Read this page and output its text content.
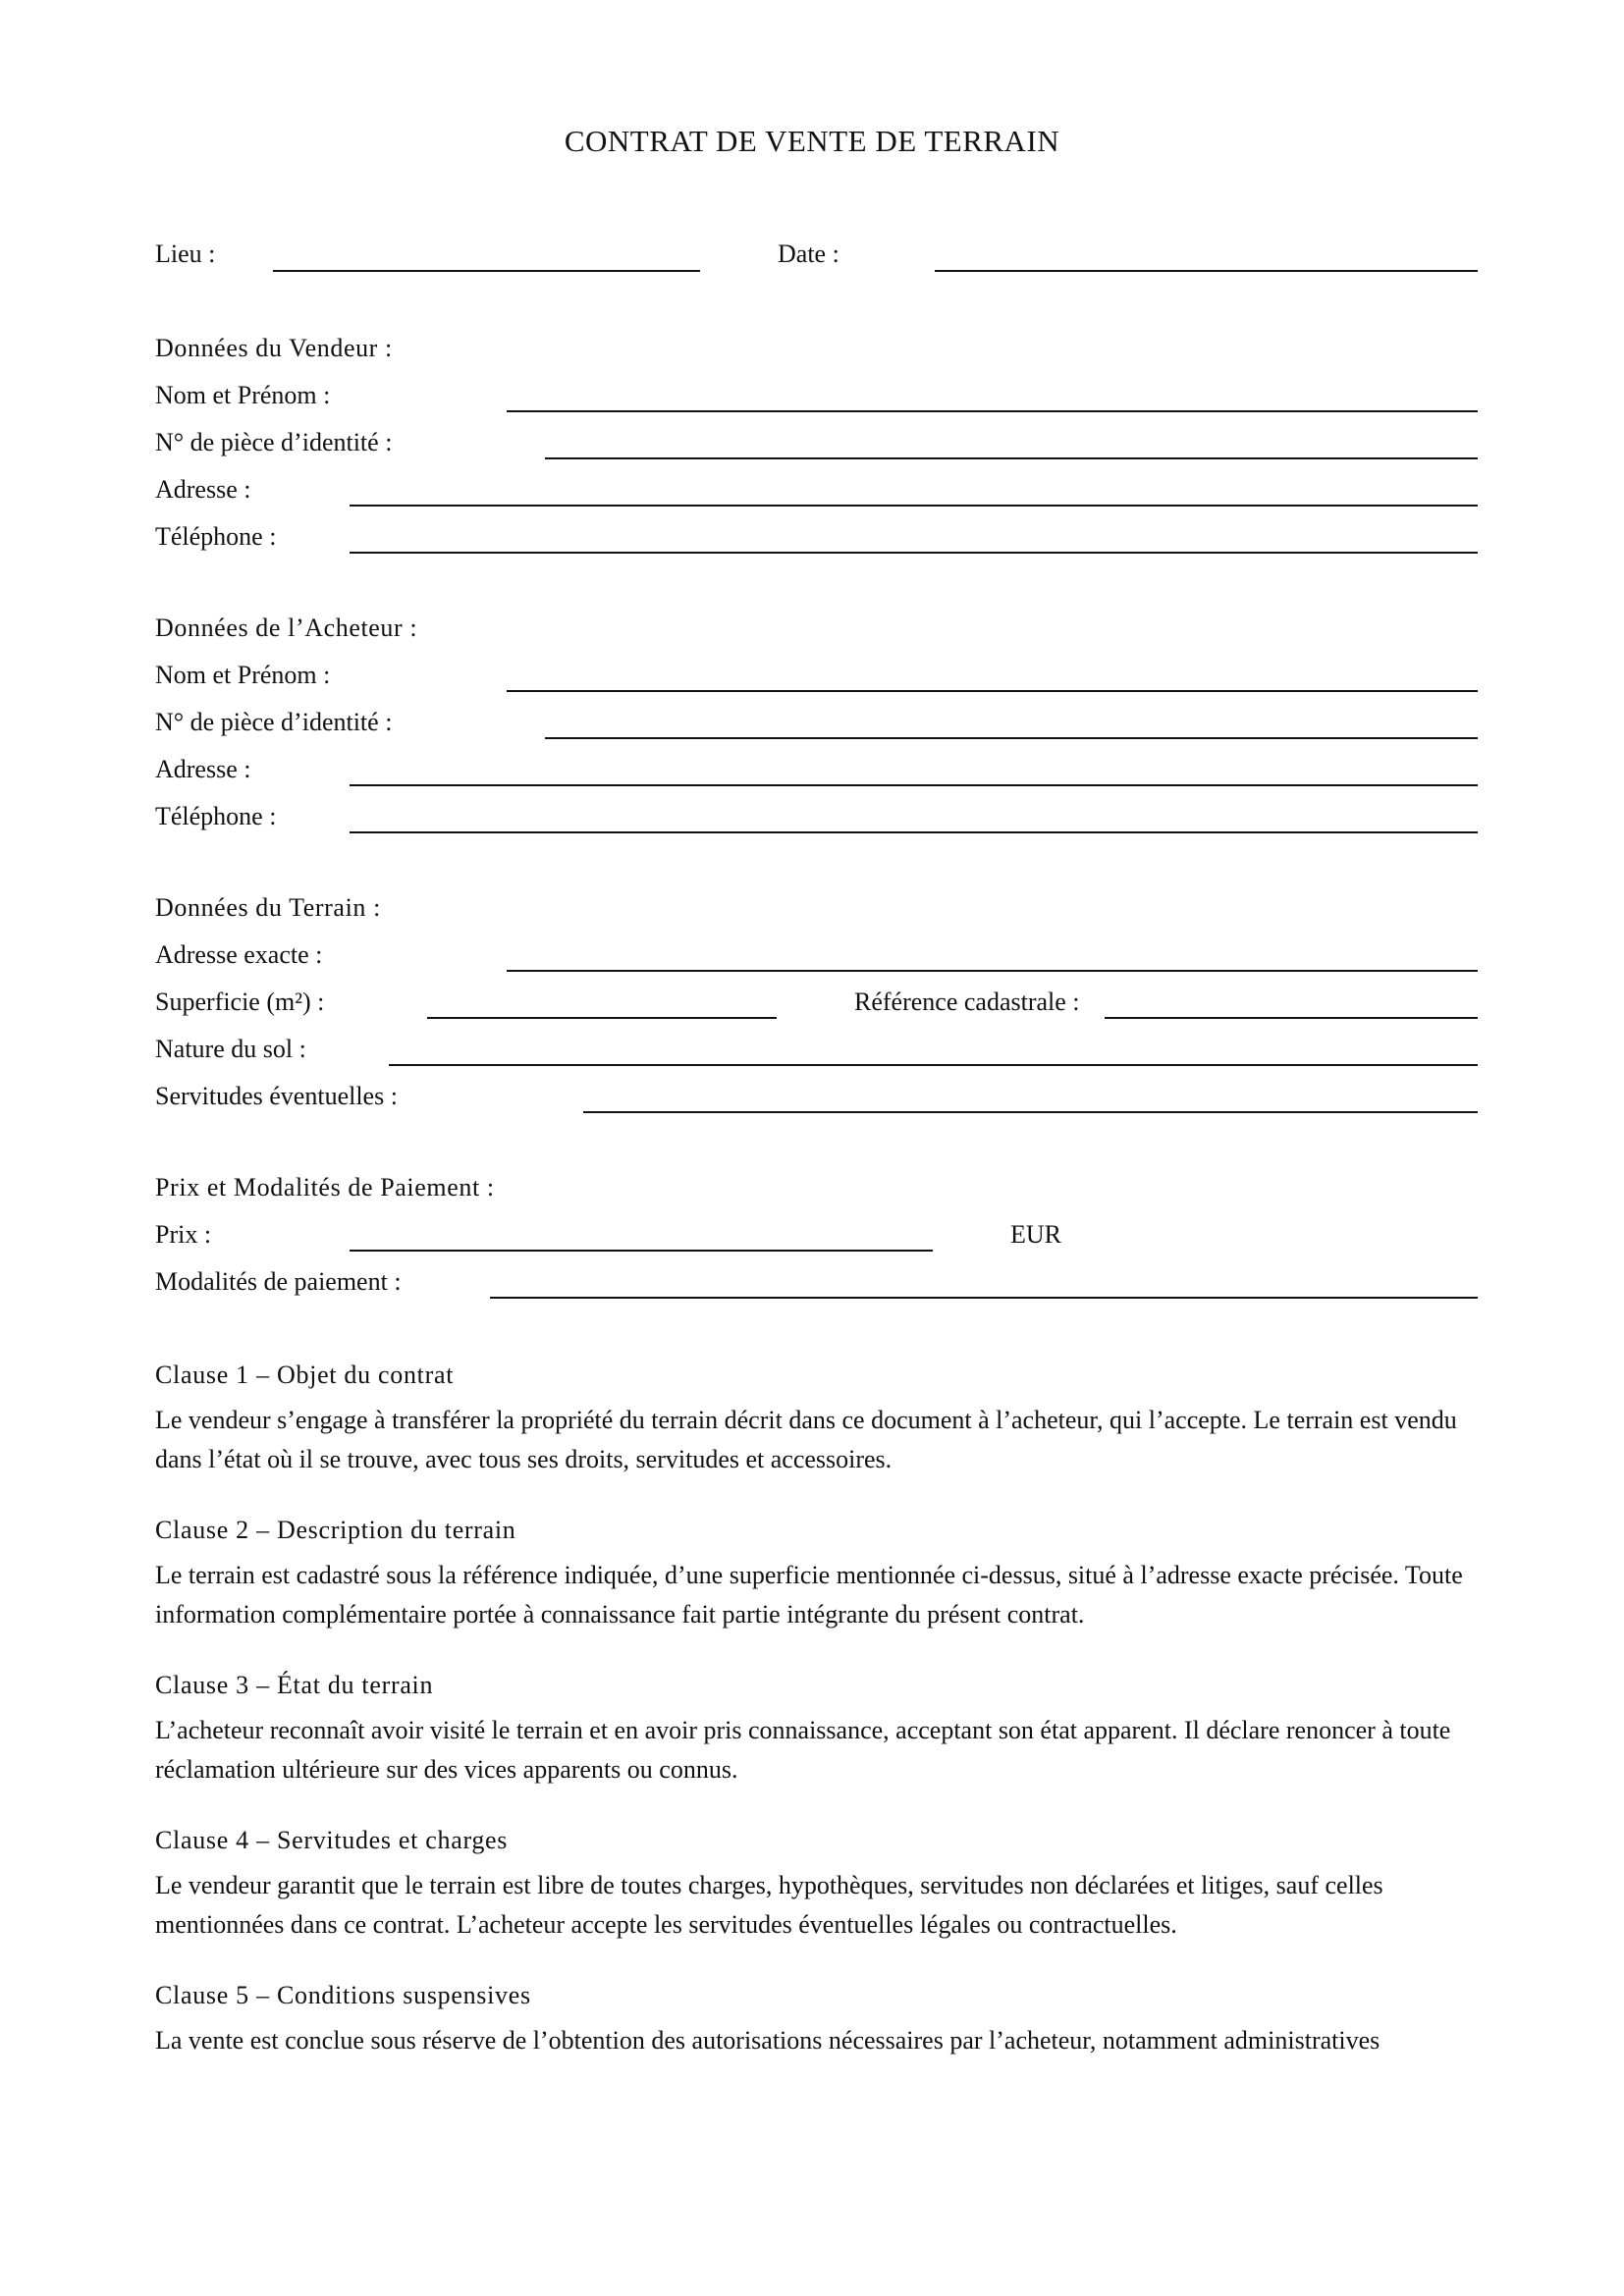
CONTRAT DE VENTE DE TERRAIN
Lieu :	Date :
Données du Vendeur :
Nom et Prénom :
N° de pièce d’identité :
Adresse :
Téléphone :
Données de l’Acheteur :
Nom et Prénom :
N° de pièce d’identité :
Adresse :
Téléphone :
Données du Terrain :
Adresse exacte :
Superficie (m²) :	Référence cadastrale :
Nature du sol :
Servitudes éventuelles :
Prix et Modalités de Paiement :
Prix :	EUR
Modalités de paiement :
Clause 1 – Objet du contrat
Le vendeur s’engage à transférer la propriété du terrain décrit dans ce document à l’acheteur, qui l’accepte. Le terrain est vendu dans l’état où il se trouve, avec tous ses droits, servitudes et accessoires.
Clause 2 – Description du terrain
Le terrain est cadastré sous la référence indiquée, d’une superficie mentionnée ci-dessus, situé à l’adresse exacte précisée. Toute information complémentaire portée à connaissance fait partie intégrante du présent contrat.
Clause 3 – État du terrain
L’acheteur reconnaît avoir visité le terrain et en avoir pris connaissance, acceptant son état apparent. Il déclare renoncer à toute réclamation ultérieure sur des vices apparents ou connus.
Clause 4 – Servitudes et charges
Le vendeur garantit que le terrain est libre de toutes charges, hypothèques, servitudes non déclarées et litiges, sauf celles mentionnées dans ce contrat. L’acheteur accepte les servitudes éventuelles légales ou contractuelles.
Clause 5 – Conditions suspensives
La vente est conclue sous réserve de l’obtention des autorisations nécessaires par l’acheteur, notamment administratives
